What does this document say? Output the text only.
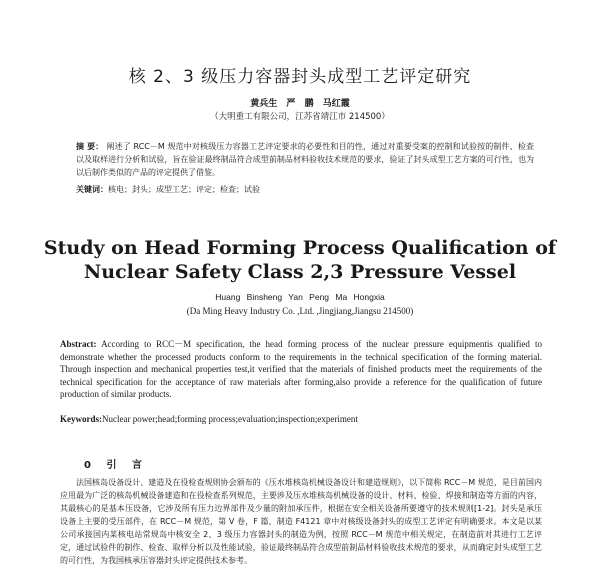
核 2、3 级压力容器封头成型工艺评定研究
黄兵生 严 鹏 马红霞
（大明重工有限公司，江苏省靖江市 214500）
摘 要： 阐述了 RCC－M 规范中对核级压力容器工艺评定要求的必要性和目的性，通过对重要受案的控制和试验按的制件、检查以及取样进行分析和试验，旨在验证最终制品符合成型前制品材料验收技术规范的要求，验证了封头成型工艺方案的可行性，也为以后制作类似的产品的评定提供了借鉴。
关键词：核电；封头；成型工艺；评定；检查；试验
Study on Head Forming Process Qualification of
Nuclear Safety Class 2,3 Pressure Vessel
Huang Binsheng Yan Peng Ma Hongxia
(Da Ming Heavy Industry Co. ,Ltd. ,Jingjiang,Jiangsu 214500)
Abstract: According to RCC－M specification, the head forming process of the nuclear pressure equipmentis qualified to demonstrate whether the processed products conform to the requirements in the technical specification of the forming material. Through inspection and mechanical properties test,it verified that the materials of finished products meet the requirements of the technical specification for the acceptance of raw materials after forming,also provide a reference for the qualification of future production of similar products.
Keywords:Nuclear power;head;forming process;evaluation;inspection;experiment
0 引 言
法国核岛设备设计、建造及在役检查规则协会颁布的《压水堆核岛机械设备设计和建造规则》，以下简称 RCC－M 规范，是目前国内应用最为广泛的核岛机械设备建造和在役检查系列规范，主要涉及压水堆核岛机械设备的设计、材料、检验、焊接和制造等方面的内容，其最核心的是基本压设备，它涉及所有压力边界部件及少量的附加承压件，根据在安全相关设备所要遵守的技术规则[1-2]。封头是承压设备上主要的受压部件，在 RCC－M 规范，第 V 卷，F 篇，制造 F4121 章中对核级设备封头的成型工艺评定有明确要求。本文是以某公司承接国内某核电站常规岛中核安全 2、3 级压力容器封头的制造为例，按照 RCC－M 规范中相关规定，在制造前对其进行工艺评定，通过试验件的制作、检查、取样分析以及性能试验，验证最终制品符合成型前制品材料验收技术规范的要求，从而确定封头成型工艺的可行性，为我国核承压容器封头评定提供技术参考。
